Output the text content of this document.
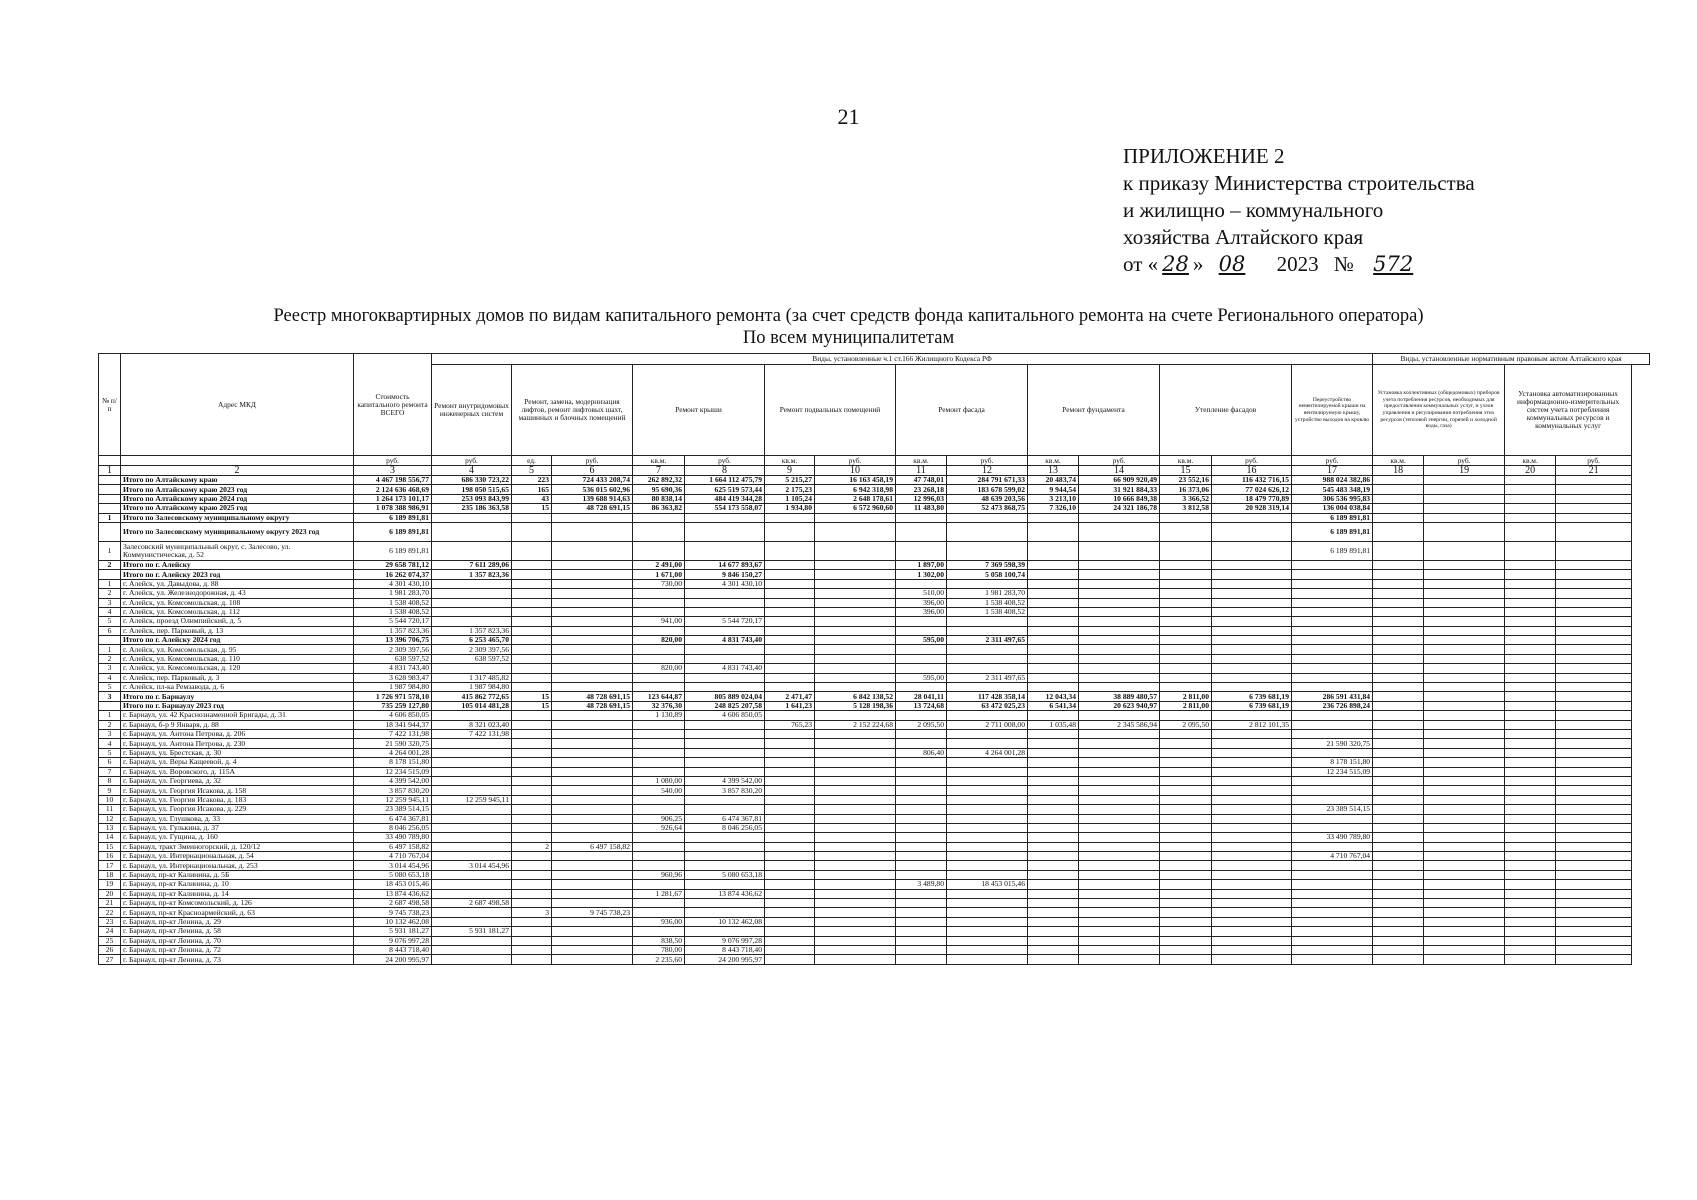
21
ПРИЛОЖЕНИЕ 2
к приказу Министерства строительства
и жилищно – коммунального
хозяйства Алтайского края
от « 28 » 08 2023 № 572
Реестр многоквартирных домов по видам капитального ремонта (за счет средств фонда капитального ремонта на счете Регионального оператора)
По всем муниципалитетам
№ п/п	Адрес МКД	Стоимость капитального ремонта ВСЕГО	Виды, установленные ч.1 ст.166 Жилищного Кодекса РФ														Виды, установленные нормативным правовым актом Алтайского края			
			Ремонт внутридомовых инженерных систем	Ремонт, замена, модернизация лифтов, ремонт лифтовых шахт, машинных и блочных помещений		Ремонт крыши		Ремонт подвальных помещений		Ремонт фасада		Ремонт фундамента		Утепление фасадов		Переустройство невентилируемой крыши на вентилируемую крышу, устройство выходов на кровлю	Установка коллективных (общедомовых) приборов учета потребления ресурсов, необходимых для предоставления коммунальных услуг, и узлов управления и регулирования потребления этих ресурсов (тепловой энергии, горячей и холодной воды, газа)		Установка автоматизированных информационно-измерительных систем учета потребления коммунальных ресурсов и коммунальных услуг	
		руб.	руб.	ед.	руб.	кв.м.	руб.	кв.м.	руб.	кв.м.	руб.	кв.м.	руб.	кв.м.	руб.	руб.	кв.м.	руб.	кв.м.	руб.
1	2	3	4	5	6	7	8	9	10	11	12	13	14	15	16	17	18	19	20	21
	Итого по Алтайскому краю	4 467 198 556,77	686 330 723,22	223	724 433 208,74	262 892,32	1 664 112 475,79	5 215,27	16 163 458,19	47 748,01	284 791 671,33	20 483,74	66 909 920,49	23 552,16	116 432 716,15	988 024 382,86				
	Итого по Алтайскому краю 2023 год	2 124 636 468,69	198 050 515,65	165	536 015 602,96	95 690,36	625 519 573,44	2 175,23	6 942 318,98	23 268,18	183 678 599,02	9 944,54	31 921 884,33	16 373,06	77 024 626,12	545 483 348,19				
	Итого по Алтайскому краю 2024 год	1 264 173 101,17	253 093 843,99	43	139 688 914,63	80 838,14	484 419 344,28	1 105,24	2 648 178,61	12 996,03	48 639 203,56	3 213,10	10 666 849,38	3 366,52	18 479 770,89	306 536 995,83				
	Итого по Алтайскому краю 2025 год	1 078 388 986,91	235 186 363,58	15	48 728 691,15	86 363,82	554 173 558,07	1 934,80	6 572 960,60	11 483,80	52 473 868,75	7 326,10	24 321 186,78	3 812,58	20 928 319,14	136 004 038,84				
1	Итого по Залесовскому муниципальному округу	6 189 891,81														6 189 891,81				
	Итого по Залесовскому муниципальному округу 2023 год	6 189 891,81														6 189 891,81				
1	Залесовский муниципальный округ, с. Залесово, ул. Коммунистическая, д. 52	6 189 891,81														6 189 891,81				
2	Итого по г. Алейску	29 658 781,12	7 611 289,06			2 491,00	14 677 893,67			1 897,00	7 369 598,39									
	Итого по г. Алейску 2023 год	16 262 074,37	1 357 823,36			1 671,00	9 846 150,27			1 302,00	5 058 100,74									
1	г. Алейск, ул. Давыдова, д. 88	4 301 430,10				730,00	4 301 430,10													
2	г. Алейск, ул. Железнодорожная, д. 43	1 981 283,70								510,00	1 981 283,70									
3	г. Алейск, ул. Комсомольская, д. 108	1 538 408,52								396,00	1 538 408,52									
4	г. Алейск, ул. Комсомольская, д. 112	1 538 408,52								396,00	1 538 408,52									
5	г. Алейск, проезд Олимпийский, д. 5	5 544 720,17				941,00	5 544 720,17													
6	г. Алейск, пер. Парковый, д. 13	1 357 823,36	1 357 823,36																	
	Итого по г. Алейску 2024 год	13 396 706,75	6 253 465,70			820,00	4 831 743,40			595,00	2 311 497,65									
1	г. Алейск, ул. Комсомольская, д. 95	2 309 397,56	2 309 397,56																	
2	г. Алейск, ул. Комсомольская, д. 110	638 597,52	638 597,52																	
3	г. Алейск, ул. Комсомольская, д. 120	4 831 743,40				820,00	4 831 743,40													
4	г. Алейск, пер. Парковый, д. 3	3 628 983,47	1 317 485,82							595,00	2 311 497,65									
5	г. Алейск, пл-ка Ремзавода, д. 6	1 987 984,80	1 987 984,80																	
3	Итого по г. Барнаулу	1 726 971 578,10	415 862 772,65	15	48 728 691,15	123 644,87	805 889 024,04	2 471,47	6 842 138,52	28 041,11	117 428 358,14	12 043,34	38 889 480,57	2 811,00	6 739 681,19	286 591 431,84				
	Итого по г. Барнаулу 2023 год	735 259 127,80	105 014 481,28	15	48 728 691,15	32 376,30	248 825 207,58	1 641,23	5 128 198,36	13 724,68	63 472 025,23	6 541,34	20 623 940,97	2 811,00	6 739 681,19	236 726 898,24				
1	г. Барнаул, ул. 42 Краснознаменной Бригады, д. 31	4 606 850,05				1 130,89	4 606 850,05													
2	г. Барнаул, б-р 9 Января, д. 88	18 341 944,37	8 321 023,40					765,23	2 152 224,68	2 095,50	2 711 008,00	1 035,48	2 345 586,94	2 095,50	2 812 101,35					
3	г. Барнаул, ул. Антона Петрова, д. 206	7 422 131,98	7 422 131,98																	
4	г. Барнаул, ул. Антона Петрова, д. 230	21 590 320,75														21 590 320,75				
5	г. Барнаул, ул. Брестская, д. 30	4 264 001,28								806,40	4 264 001,28									
6	г. Барнаул, ул. Веры Кащеевой, д. 4	8 178 151,80														8 178 151,80				
7	г. Барнаул, ул. Воровского, д. 115А	12 234 515,09														12 234 515,09				
8	г. Барнаул, ул. Георгиева, д. 32	4 399 542,00				1 080,00	4 399 542,00													
9	г. Барнаул, ул. Георгия Исакова, д. 158	3 857 830,20				540,00	3 857 830,20													
10	г. Барнаул, ул. Георгия Исакова, д. 183	12 259 945,11	12 259 945,11																	
11	г. Барнаул, ул. Георгия Исакова, д. 229	23 389 514,15														23 389 514,15				
12	г. Барнаул, ул. Глушкова, д. 33	6 474 367,81				906,25	6 474 367,81													
13	г. Барнаул, ул. Гулькина, д. 37	8 046 256,05				926,64	8 046 256,05													
14	г. Барнаул, ул. Гущина, д. 160	33 490 789,80														33 490 789,80				
15	г. Барнаул, тракт Змеиногорский, д. 120/12	6 497 158,82		2	6 497 158,82															
16	г. Барнаул, ул. Интернациональная, д. 54	4 710 767,04														4 710 767,04				
17	г. Барнаул, ул. Интернациональная, д. 253	3 014 454,96	3 014 454,96																	
18	г. Барнаул, пр-кт Калинина, д. 5Б	5 080 653,18				960,96	5 080 653,18													
19	г. Барнаул, пр-кт Калинина, д. 10	18 453 015,46								3 489,80	18 453 015,46									
20	г. Барнаул, пр-кт Калинина, д. 14	13 874 436,62				1 281,67	13 874 436,62													
21	г. Барнаул, пр-кт Комсомольский, д. 126	2 687 498,58	2 687 498,58																	
22	г. Барнаул, пр-кт Красноармейский, д. 63	9 745 738,23		3	9 745 738,23															
23	г. Барнаул, пр-кт Ленина, д. 29	10 132 462,08				936,00	10 132 462,08													
24	г. Барнаул, пр-кт Ленина, д. 58	5 931 181,27	5 931 181,27																	
25	г. Барнаул, пр-кт Ленина, д. 70	9 076 997,28				838,50	9 076 997,28													
26	г. Барнаул, пр-кт Ленина, д. 72	8 443 718,40				780,00	8 443 718,40													
27	г. Барнаул, пр-кт Ленина, д. 73	24 200 995,97				2 235,60	24 200 995,97													
